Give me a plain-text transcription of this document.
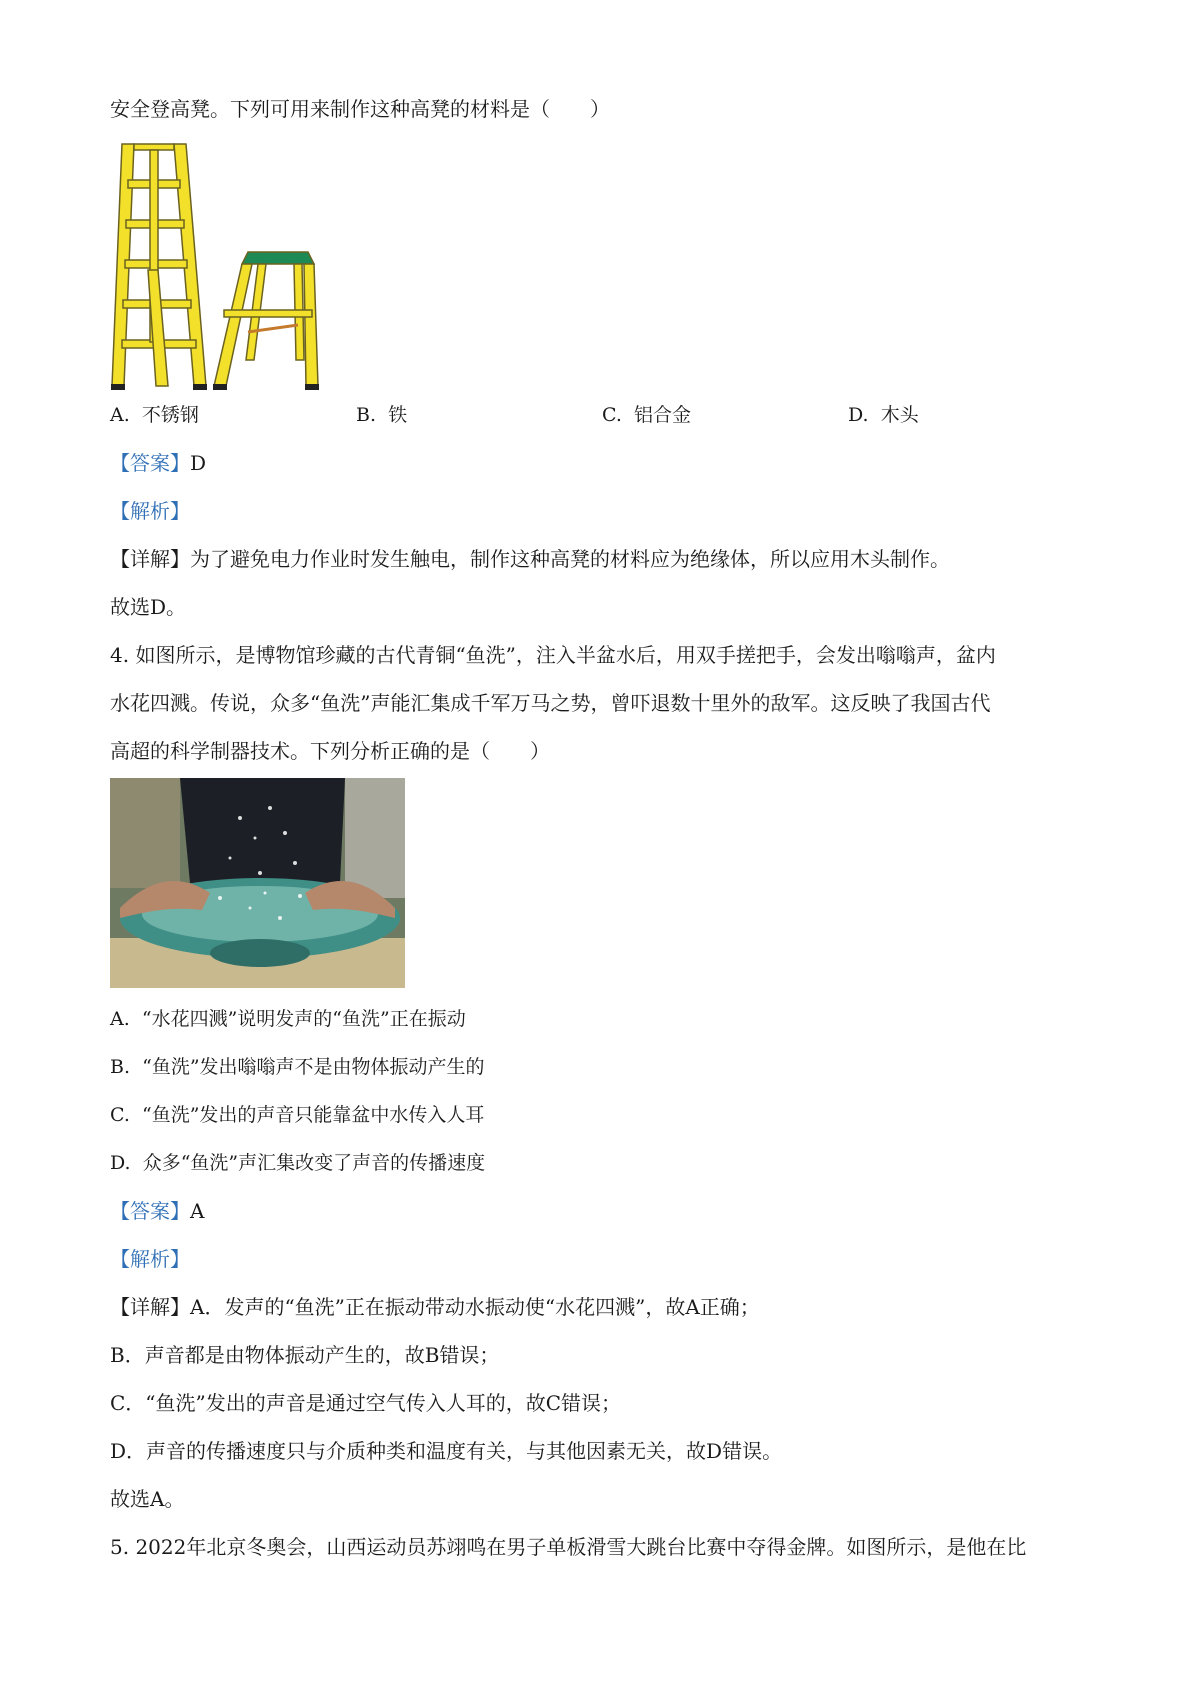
安全登高凳。下列可用来制作这种高凳的材料是（　　）
A. 不锈钢	B. 铁	C. 铝合金	D. 木头
【答案】D
【解析】
【详解】为了避免电力作业时发生触电，制作这种高凳的材料应为绝缘体，所以应用木头制作。
故选D。
4. 如图所示，是博物馆珍藏的古代青铜“鱼洗”，注入半盆水后，用双手搓把手，会发出嗡嗡声，盆内
水花四溅。传说，众多“鱼洗”声能汇集成千军万马之势，曾吓退数十里外的敌军。这反映了我国古代
高超的科学制器技术。下列分析正确的是（　　）
A. “水花四溅”说明发声的“鱼洗”正在振动
B. “鱼洗”发出嗡嗡声不是由物体振动产生的
C. “鱼洗”发出的声音只能靠盆中水传入人耳
D. 众多“鱼洗”声汇集改变了声音的传播速度
【答案】A
【解析】
【详解】A．发声的“鱼洗”正在振动带动水振动使“水花四溅”，故A正确；
B．声音都是由物体振动产生的，故B错误；
C．“鱼洗”发出的声音是通过空气传入人耳的，故C错误；
D．声音的传播速度只与介质种类和温度有关，与其他因素无关，故D错误。
故选A。
5. 2022年北京冬奥会，山西运动员苏翊鸣在男子单板滑雪大跳台比赛中夺得金牌。如图所示，是他在比
